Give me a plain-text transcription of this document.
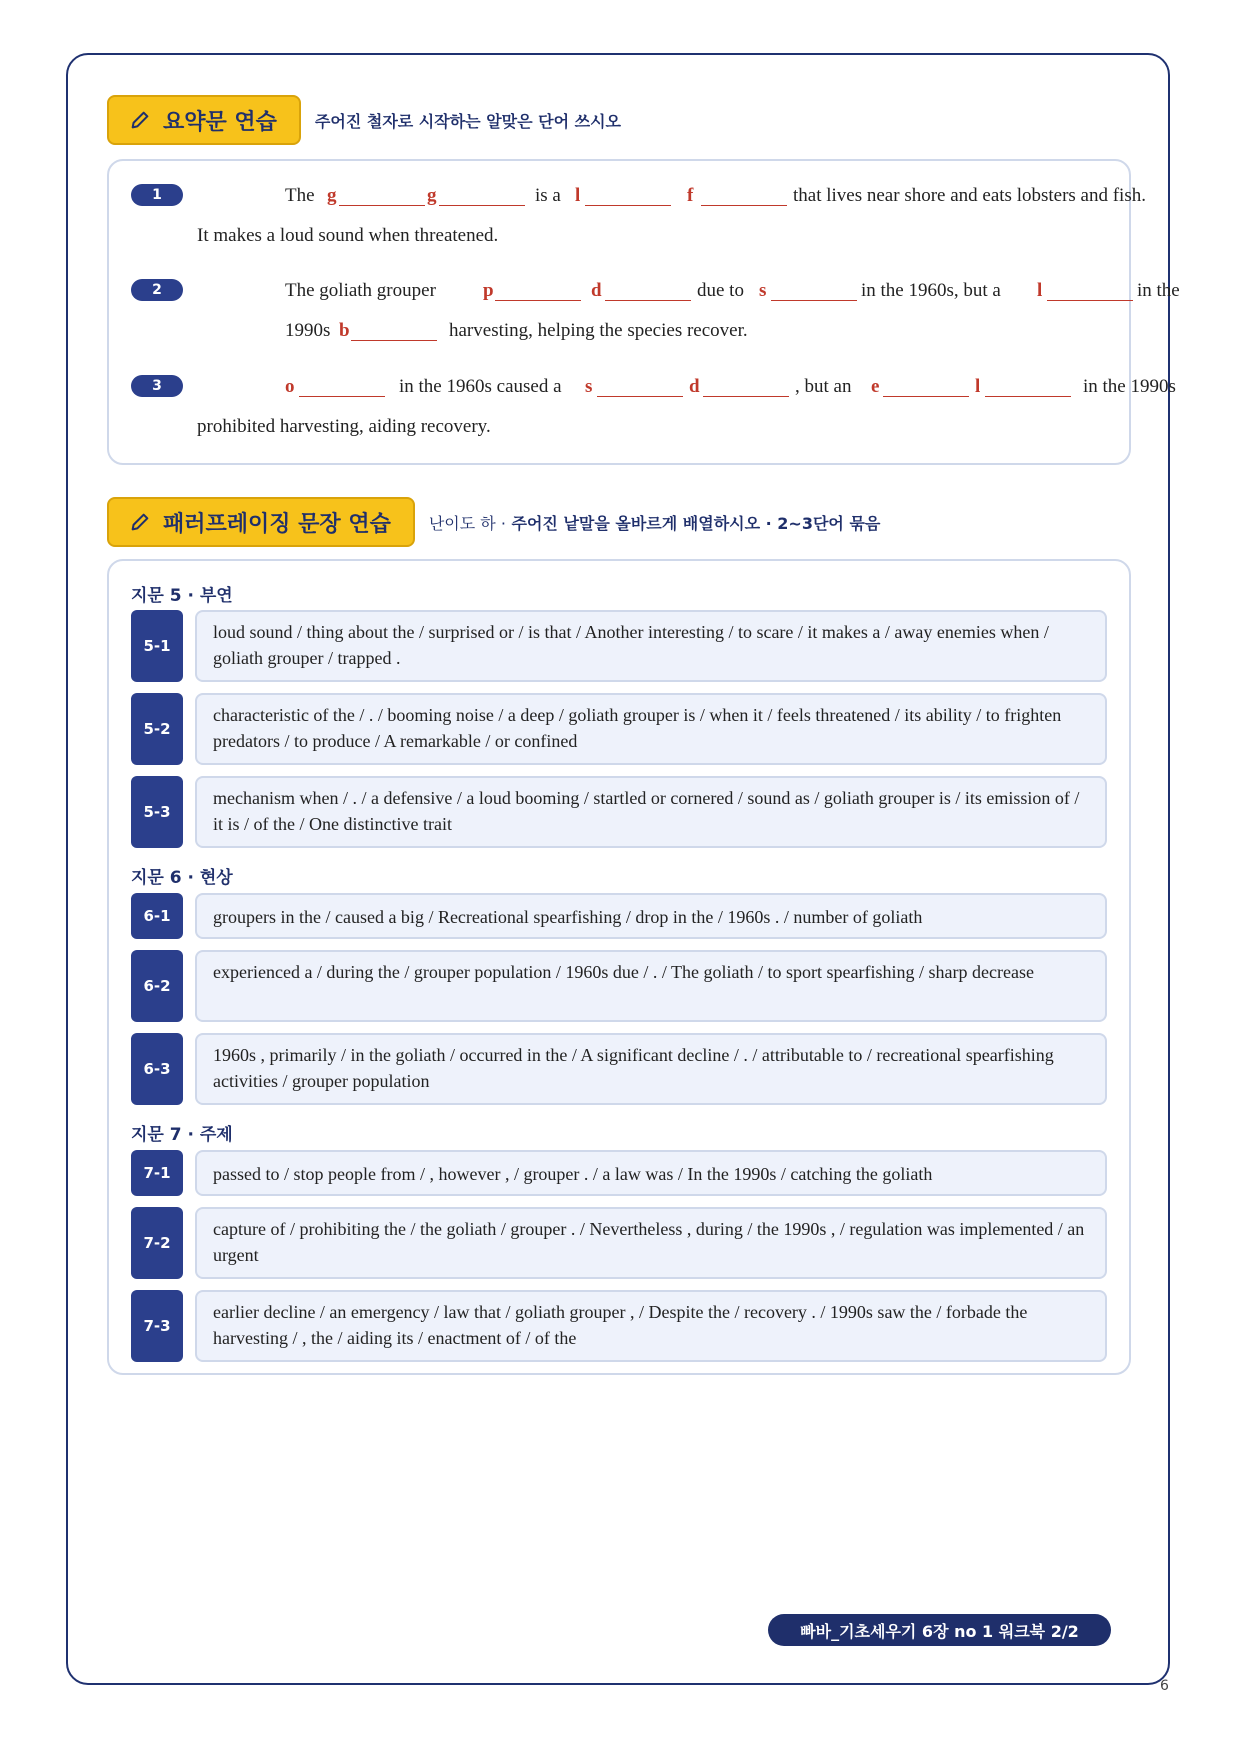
요약문 연습 주어진 철자로 시작하는 알맞은 단어 쓰시오
1	The g	g	is a l	f	that lives near shore and eats lobsters and fish.
It makes a loud sound when threatened.
2	The goliath grouper p	d	due to s	in the 1960s, but a l	in the
1990s b	harvesting, helping the species recover.
3	o	in the 1960s caused a s	d	, but an e	l	in the 1990s
prohibited harvesting, aiding recovery.
패러프레이징 문장 연습 난이도 하 · 주어진 낱말을 올바르게 배열하시오 · 2~3단어 묶음
지문 5 · 부연
5-1
loud sound / thing about the / surprised or / is that / Another interesting / to scare / it makes a / away enemies when / goliath grouper / trapped .
5-2
characteristic of the / . / booming noise / a deep / goliath grouper is / when it / feels threatened / its ability / to frighten predators / to produce / A remarkable / or confined
5-3
mechanism when / . / a defensive / a loud booming / startled or cornered / sound as / goliath grouper is / its emission of / it is / of the / One distinctive trait
지문 6 · 현상
6-1	groupers in the / caused a big / Recreational spearfishing / drop in the / 1960s . / number of goliath
6-2
experienced a / during the / grouper population / 1960s due / . / The goliath / to sport spearfishing / sharp decrease
6-3
1960s , primarily / in the goliath / occurred in the / A significant decline / . / attributable to / recreational spearfishing activities / grouper population
지문 7 · 주제
7-1	passed to / stop people from / , however , / grouper . / a law was / In the 1990s / catching the goliath
7-2
capture of / prohibiting the / the goliath / grouper . / Nevertheless , during / the 1990s , / regulation was implemented / an urgent
7-3
earlier decline / an emergency / law that / goliath grouper , / Despite the / recovery . / 1990s saw the / forbade the harvesting / , the / aiding its / enactment of / of the
빠바_기초세우기 6장 no 1 워크북 2/2
6
